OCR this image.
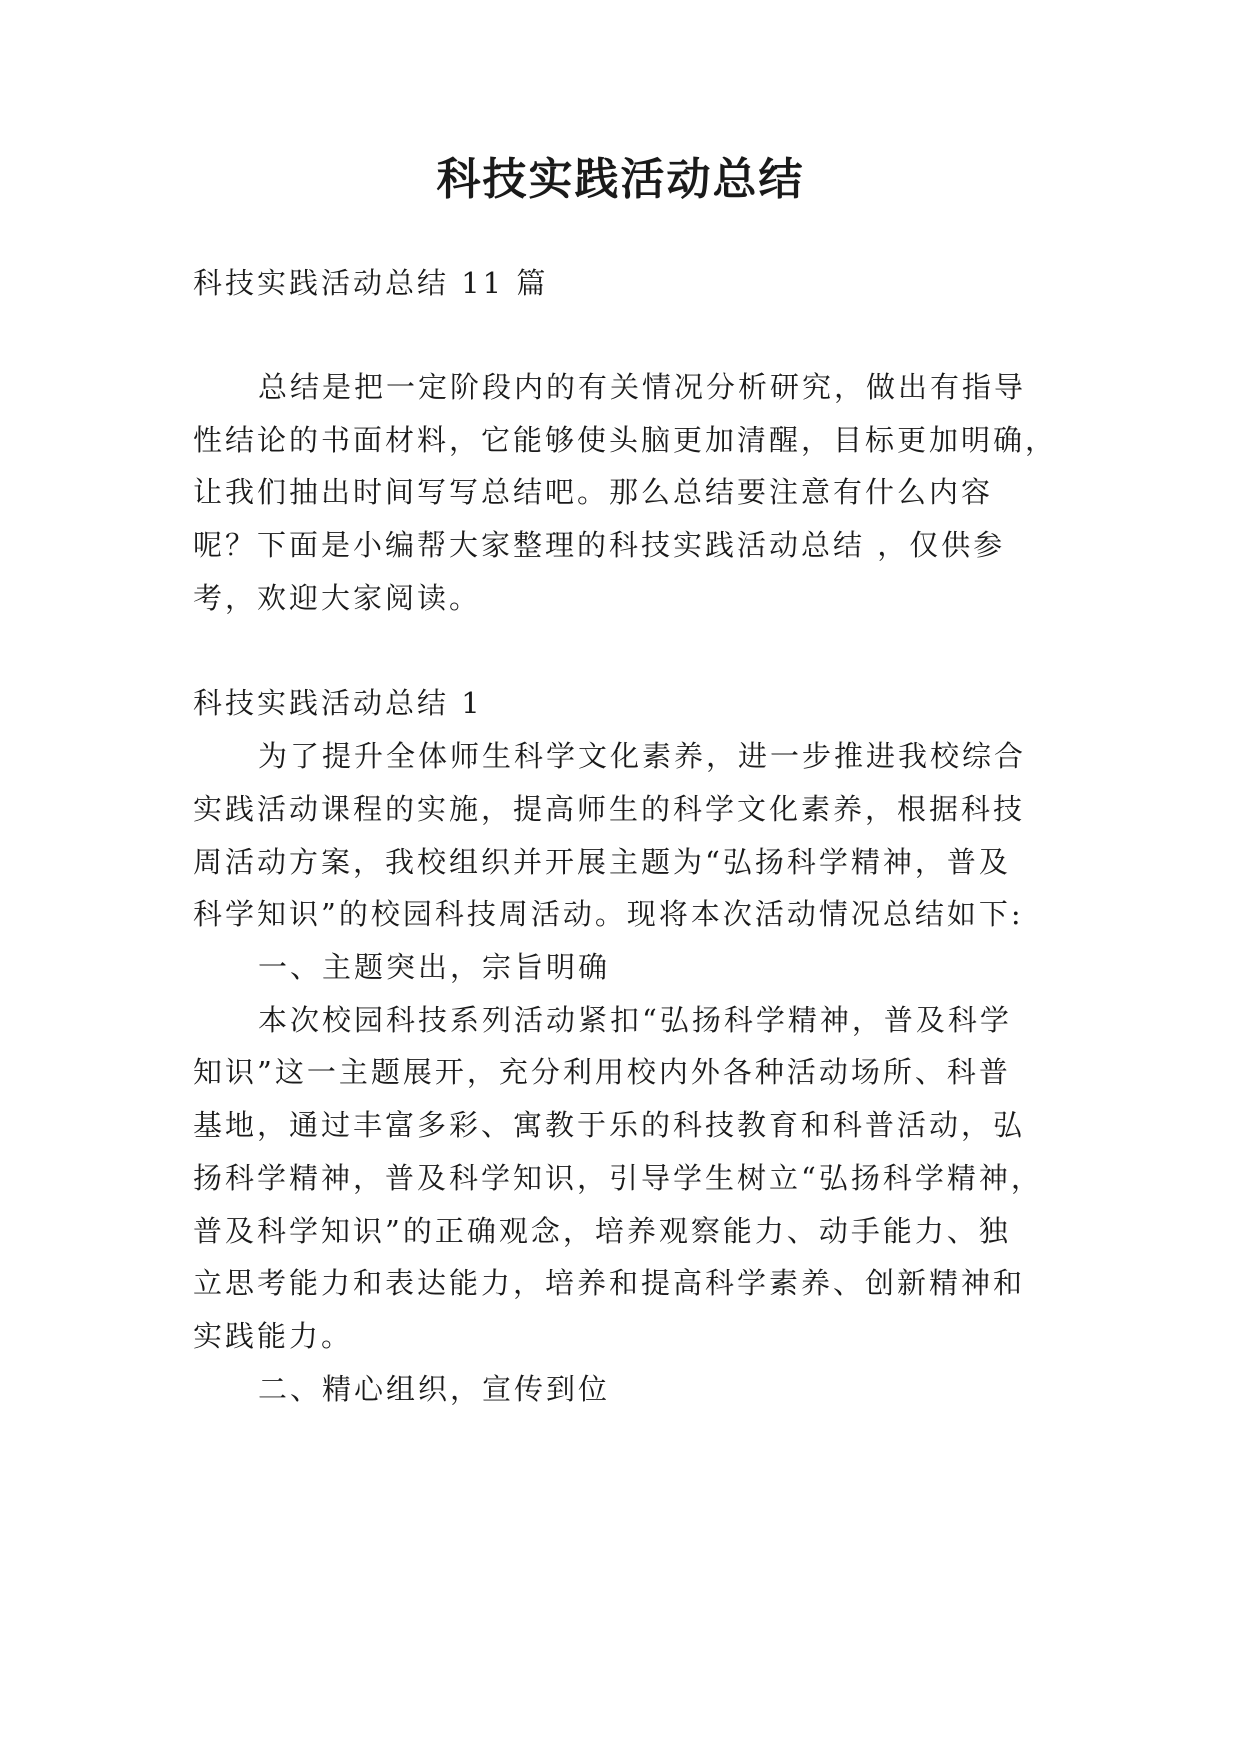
科技实践活动总结
科技实践活动总结 11 篇
总结是把一定阶段内的有关情况分析研究，做出有指导
性结论的书面材料，它能够使头脑更加清醒，目标更加明确，
让我们抽出时间写写总结吧。那么总结要注意有什么内容
呢？下面是小编帮大家整理的科技实践活动总结 ，仅供参
考，欢迎大家阅读。
科技实践活动总结 1
为了提升全体师生科学文化素养，进一步推进我校综合
实践活动课程的实施，提高师生的科学文化素养，根据科技
周活动方案，我校组织并开展主题为“弘扬科学精神，普及
科学知识”的校园科技周活动。现将本次活动情况总结如下:
一、主题突出，宗旨明确
本次校园科技系列活动紧扣“弘扬科学精神，普及科学
知识”这一主题展开，充分利用校内外各种活动场所、科普
基地，通过丰富多彩、寓教于乐的科技教育和科普活动，弘
扬科学精神，普及科学知识，引导学生树立“弘扬科学精神，
普及科学知识”的正确观念，培养观察能力、动手能力、独
立思考能力和表达能力，培养和提高科学素养、创新精神和
实践能力。
二、精心组织，宣传到位
